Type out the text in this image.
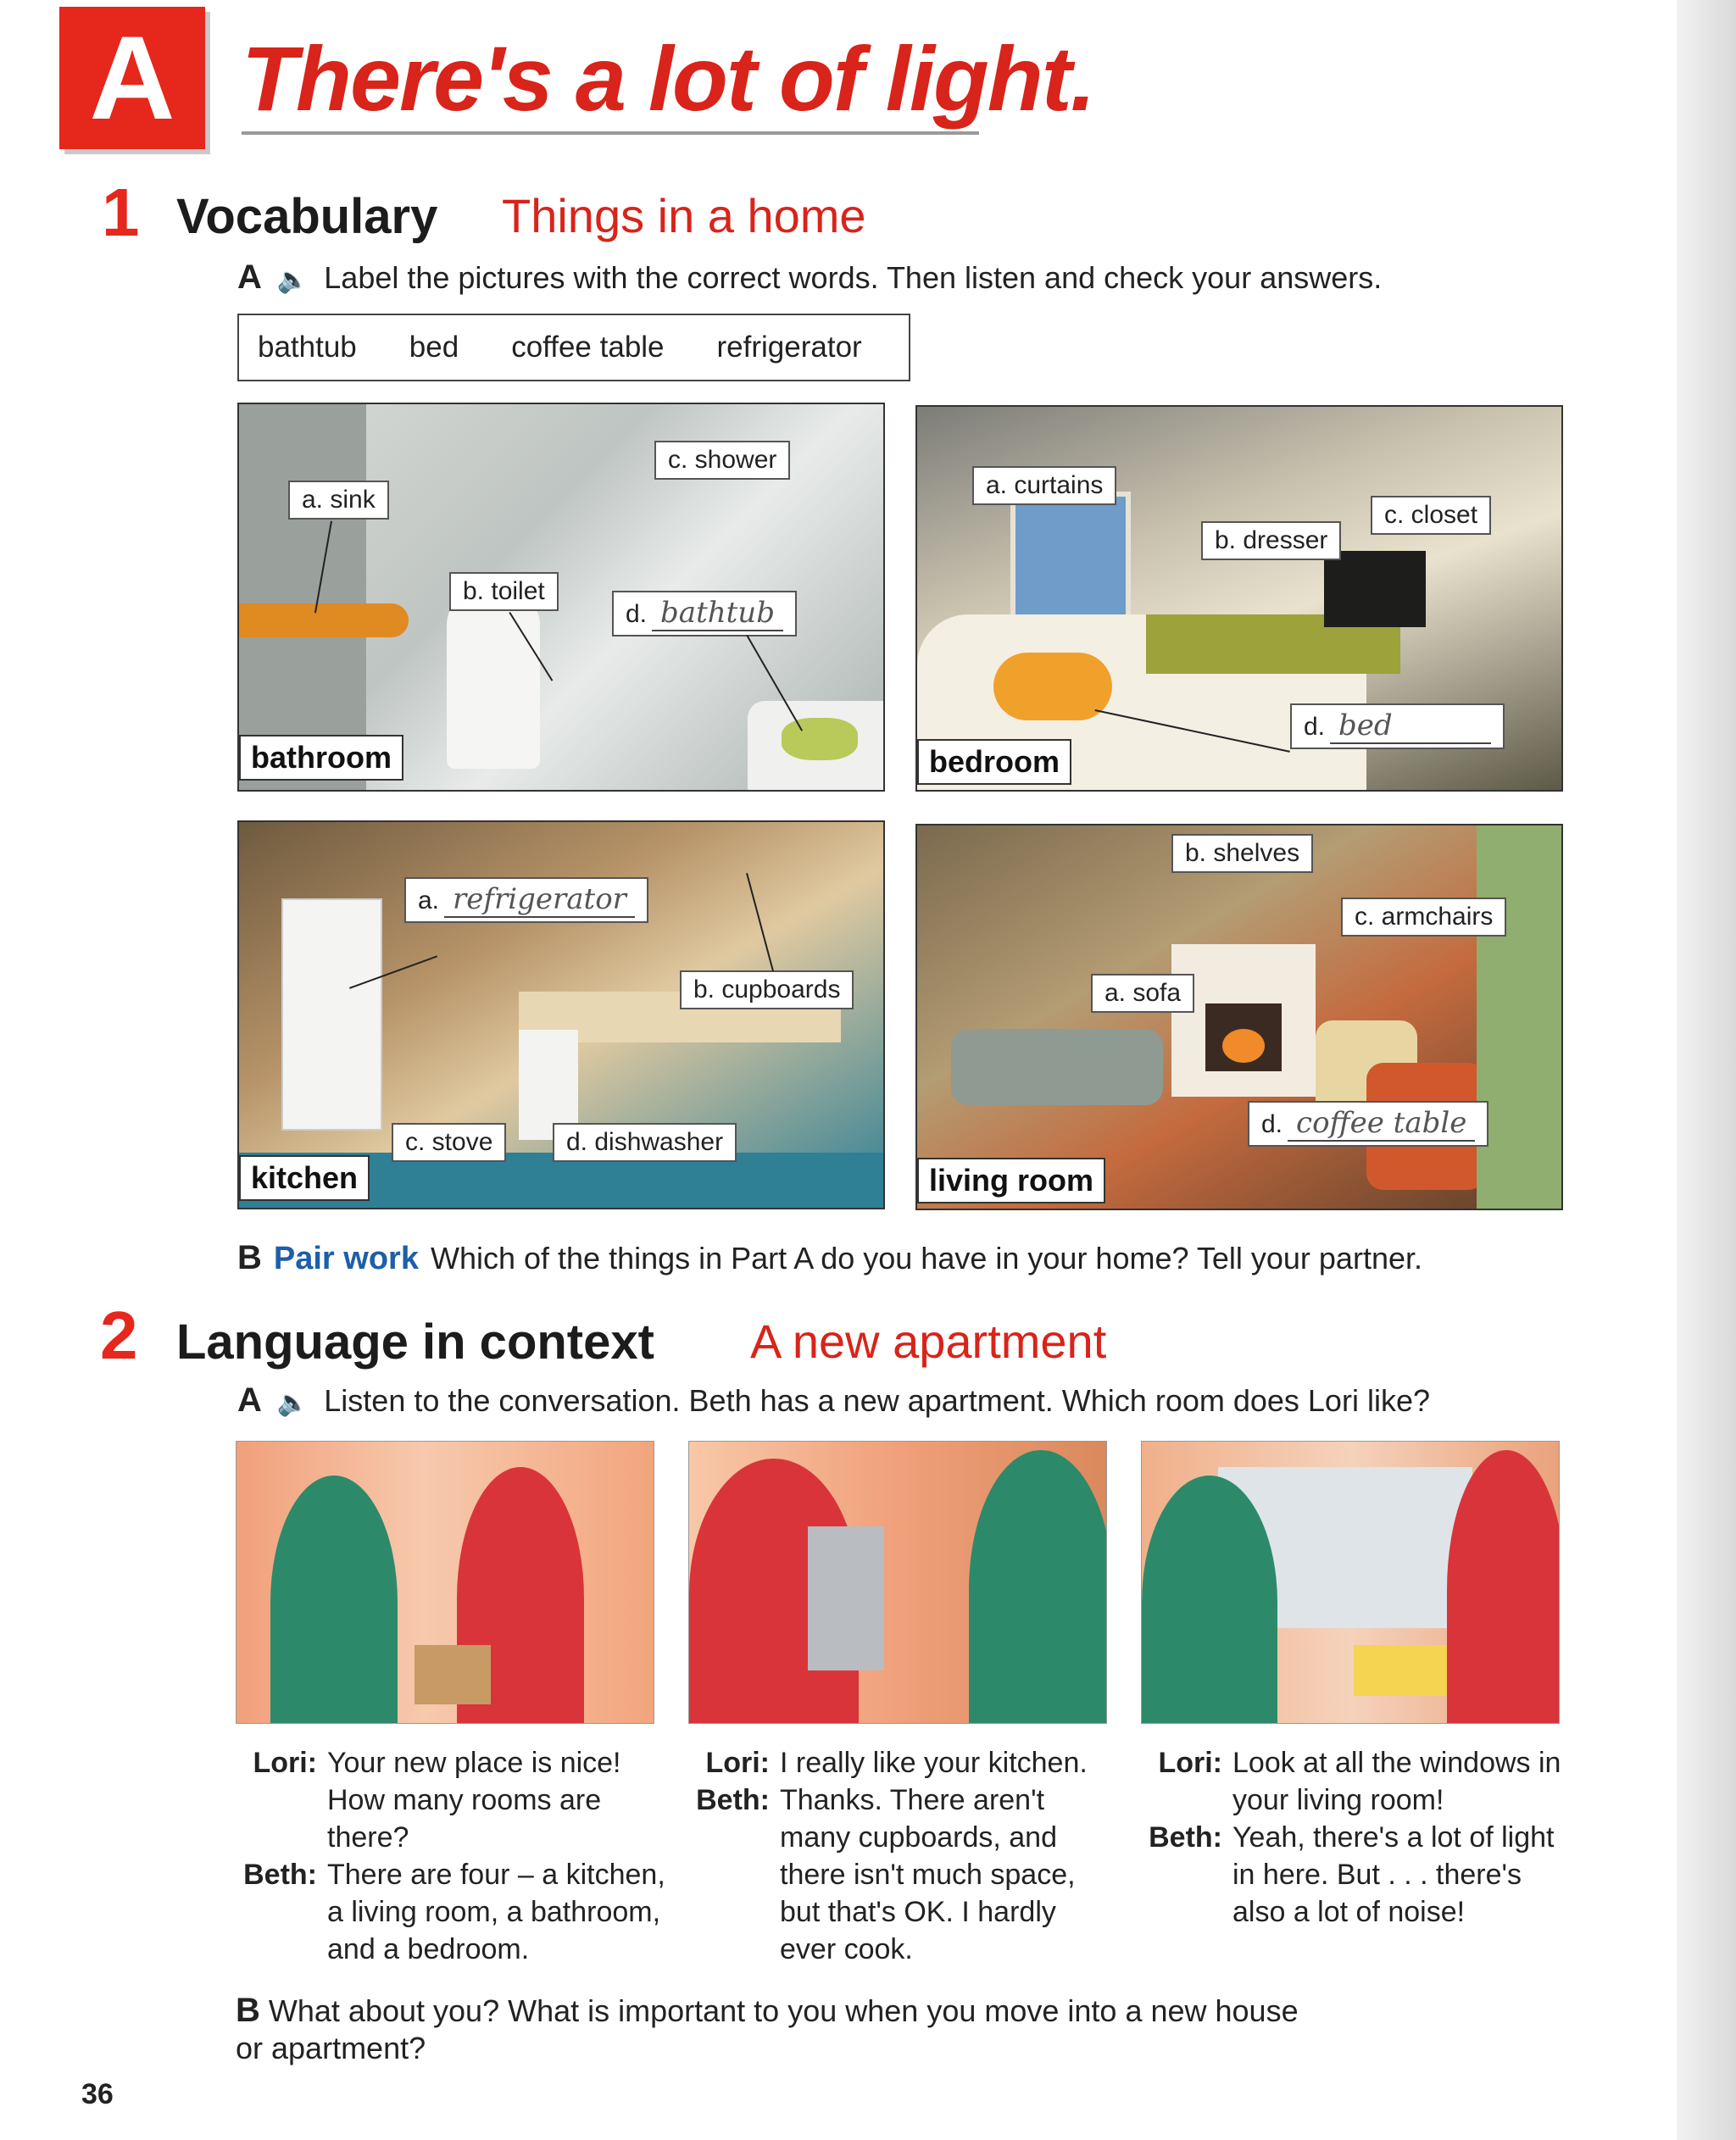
A There's a lot of light.
1 Vocabulary Things in a home
A 🔈 Label the pictures with the correct words. Then listen and check your answers.
bathtub bed coffee table refrigerator
a. sink
b. toilet
c. shower
d. bathtub
bathroom
a. curtains
b. dresser
c. closet
d. bed
bedroom
a. refrigerator
b. cupboards
c. stove	d. dishwasher
kitchen
a. sofa
b. shelves
c. armchairs
d. coffee table
living room
B Pair work Which of the things in Part A do you have in your home? Tell your partner.
2 Language in context A new apartment
A 🔈 Listen to the conversation. Beth has a new apartment. Which room does Lori like?
Lori: Your new place is nice! How many rooms are there?
Beth: There are four – a kitchen, a living room, a bathroom, and a bedroom.
Lori: I really like your kitchen.
Beth: Thanks. There aren't many cupboards, and there isn't much space, but that's OK. I hardly ever cook.
Lori: Look at all the windows in your living room!
Beth: Yeah, there's a lot of light in here. But . . . there's also a lot of noise!
B What about you? What is important to you when you move into a new house or apartment?
36
